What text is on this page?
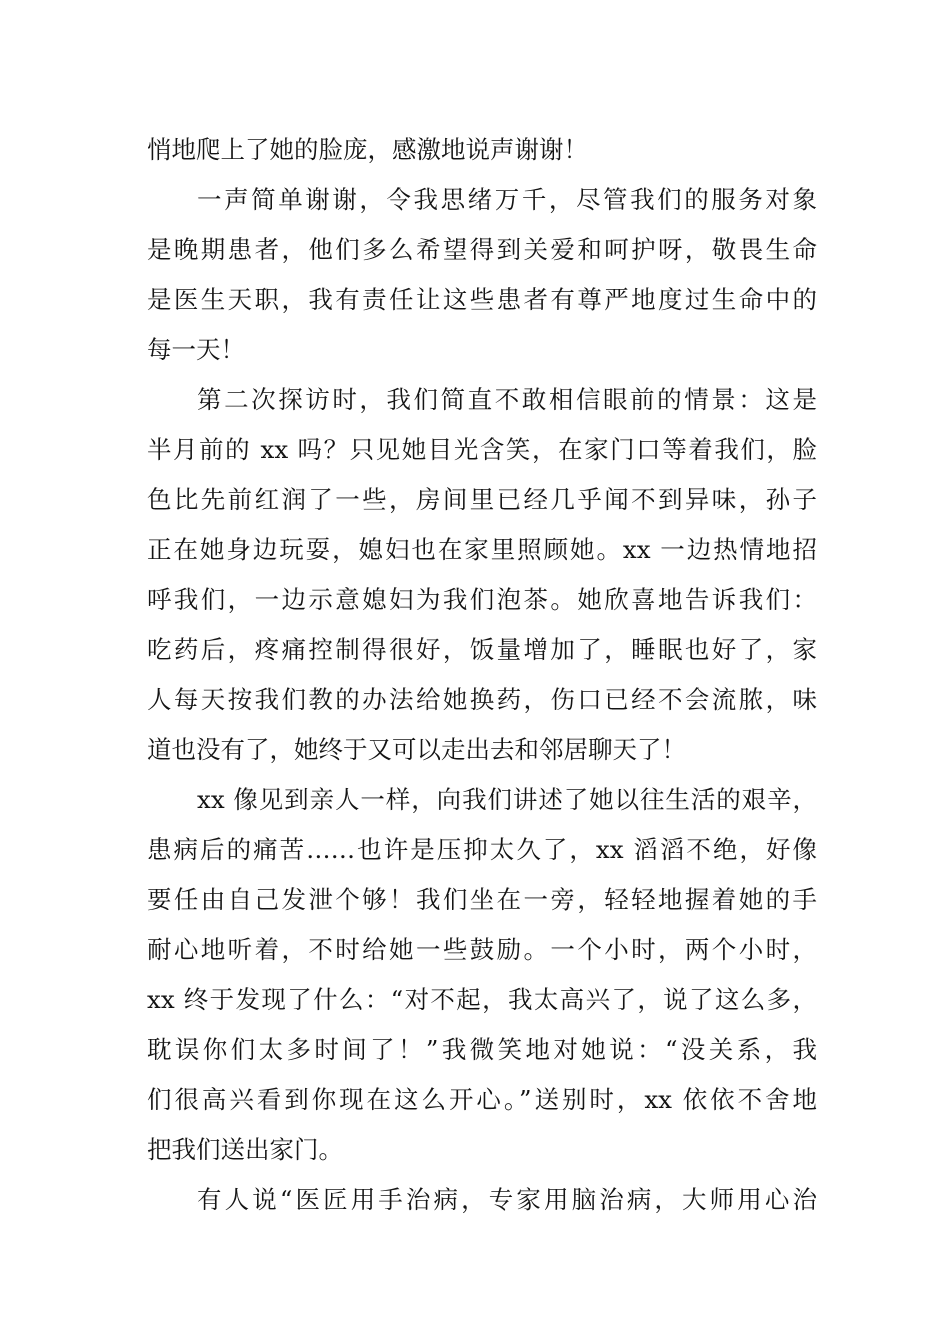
悄地爬上了她的脸庞，感激地说声谢谢！
一声简单谢谢，令我思绪万千，尽管我们的服务对象
是晚期患者，他们多么希望得到关爱和呵护呀，敬畏生命
是医生天职，我有责任让这些患者有尊严地度过生命中的
每一天！
第二次探访时，我们简直不敢相信眼前的情景：这是
半月前的 xx 吗？只见她目光含笑，在家门口等着我们，脸
色比先前红润了一些，房间里已经几乎闻不到异味，孙子
正在她身边玩耍，媳妇也在家里照顾她。xx 一边热情地招
呼我们，一边示意媳妇为我们泡茶。她欣喜地告诉我们：
吃药后，疼痛控制得很好，饭量增加了，睡眠也好了，家
人每天按我们教的办法给她换药，伤口已经不会流脓，味
道也没有了，她终于又可以走出去和邻居聊天了！
xx 像见到亲人一样，向我们讲述了她以往生活的艰辛，
患病后的痛苦……也许是压抑太久了，xx 滔滔不绝，好像
要任由自己发泄个够！我们坐在一旁，轻轻地握着她的手
耐心地听着，不时给她一些鼓励。一个小时，两个小时，
xx 终于发现了什么：“对不起，我太高兴了，说了这么多，
耽误你们太多时间了！”我微笑地对她说：“没关系，我
们很高兴看到你现在这么开心。”送别时，xx 依依不舍地
把我们送出家门。
有人说“医匠用手治病，专家用脑治病，大师用心治
